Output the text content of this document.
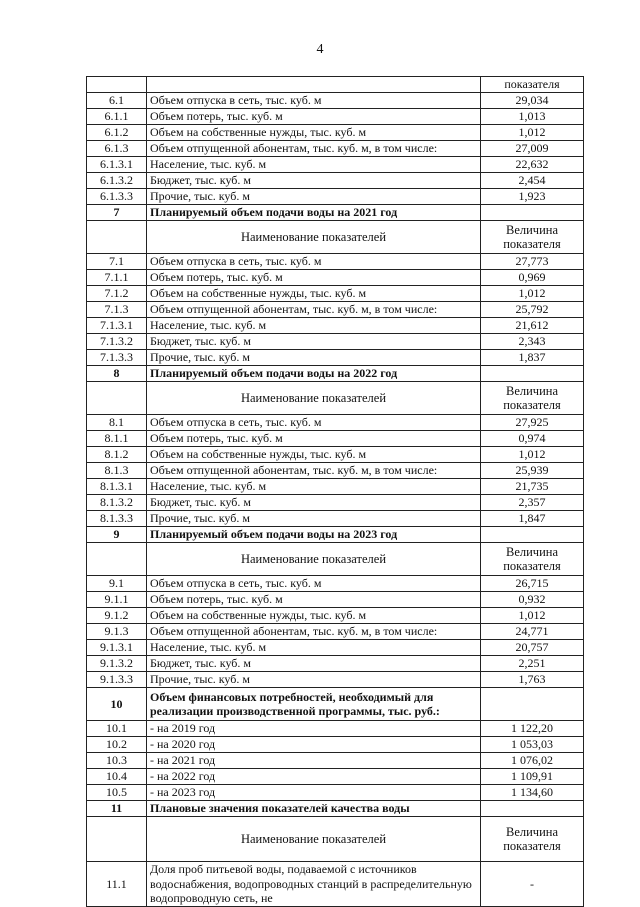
4
		показателя
6.1	Объем отпуска в сеть, тыс. куб. м	29,034
6.1.1	Объем потерь, тыс. куб. м	1,013
6.1.2	Объем на собственные нужды, тыс. куб. м	1,012
6.1.3	Объем отпущенной абонентам, тыс. куб. м, в том числе:	27,009
6.1.3.1	Население, тыс. куб. м	22,632
6.1.3.2	Бюджет, тыс. куб. м	2,454
6.1.3.3	Прочие, тыс. куб. м	1,923
7	Планируемый объем подачи воды на 2021 год	
	Наименование показателей	Величина показателя
7.1	Объем отпуска в сеть, тыс. куб. м	27,773
7.1.1	Объем потерь, тыс. куб. м	0,969
7.1.2	Объем на собственные нужды, тыс. куб. м	1,012
7.1.3	Объем отпущенной абонентам, тыс. куб. м, в том числе:	25,792
7.1.3.1	Население, тыс. куб. м	21,612
7.1.3.2	Бюджет, тыс. куб. м	2,343
7.1.3.3	Прочие, тыс. куб. м	1,837
8	Планируемый объем подачи воды на 2022 год	
	Наименование показателей	Величина показателя
8.1	Объем отпуска в сеть, тыс. куб. м	27,925
8.1.1	Объем потерь, тыс. куб. м	0,974
8.1.2	Объем на собственные нужды, тыс. куб. м	1,012
8.1.3	Объем отпущенной абонентам, тыс. куб. м, в том числе:	25,939
8.1.3.1	Население, тыс. куб. м	21,735
8.1.3.2	Бюджет, тыс. куб. м	2,357
8.1.3.3	Прочие, тыс. куб. м	1,847
9	Планируемый объем подачи воды на 2023 год	
	Наименование показателей	Величина показателя
9.1	Объем отпуска в сеть, тыс. куб. м	26,715
9.1.1	Объем потерь, тыс. куб. м	0,932
9.1.2	Объем на собственные нужды, тыс. куб. м	1,012
9.1.3	Объем отпущенной абонентам, тыс. куб. м, в том числе:	24,771
9.1.3.1	Население, тыс. куб. м	20,757
9.1.3.2	Бюджет, тыс. куб. м	2,251
9.1.3.3	Прочие, тыс. куб. м	1,763
10	Объем финансовых потребностей, необходимый для реализации производственной программы, тыс. руб.:	
10.1	- на 2019 год	1 122,20
10.2	- на 2020 год	1 053,03
10.3	- на 2021 год	1 076,02
10.4	- на 2022 год	1 109,91
10.5	- на 2023 год	1 134,60
11	Плановые значения показателей качества воды	
	Наименование показателей	Величина показателя
11.1	Доля проб питьевой воды, подаваемой с источников водоснабжения, водопроводных станций в распределительную водопроводную сеть, не	-
